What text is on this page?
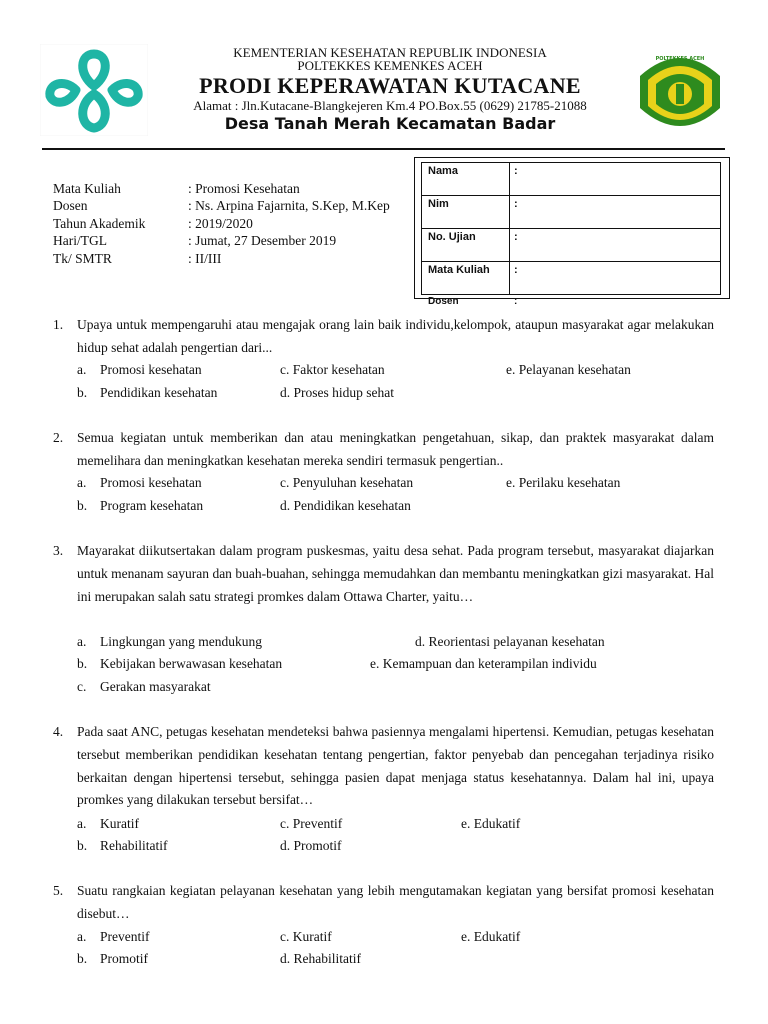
POLTEKKES ACEH
KEMENTERIAN KESEHATAN REPUBLIK INDONESIA
POLTEKKES KEMENKES ACEH
PRODI KEPERAWATAN KUTACANE
Alamat : Jln.Kutacane-Blangkejeren Km.4 PO.Box.55 (0629) 21785-21088
Desa Tanah Merah Kecamatan Badar
Mata Kuliah	: Promosi Kesehatan
Dosen	: Ns. Arpina Fajarnita, S.Kep, M.Kep
Tahun Akademik	: 2019/2020
Hari/TGL	: Jumat, 27 Desember 2019
Tk/ SMTR	: II/III
Nama	:
Nim	:
No. Ujian	:
Mata Kuliah	:
Dosen	:
1. Upaya untuk mempengaruhi atau mengajak orang lain baik individu,kelompok, ataupun masyarakat agar melakukan hidup sehat adalah pengertian dari...
a. Promosi kesehatan	c. Faktor kesehatan	e. Pelayanan kesehatan
b. Pendidikan kesehatan	d. Proses hidup sehat
2. Semua kegiatan untuk memberikan dan atau meningkatkan pengetahuan, sikap, dan praktek masyarakat dalam memelihara dan meningkatkan kesehatan mereka sendiri termasuk pengertian..
a. Promosi kesehatan	c. Penyuluhan kesehatan	e. Perilaku kesehatan
b. Program kesehatan	d. Pendidikan kesehatan
3. Mayarakat diikutsertakan dalam program puskesmas, yaitu desa sehat. Pada program tersebut, masyarakat diajarkan untuk menanam sayuran dan buah-buahan, sehingga memudahkan dan membantu meningkatkan gizi masyarakat. Hal ini merupakan salah satu strategi promkes dalam Ottawa Charter, yaitu…
a. Lingkungan yang mendukung	d. Reorientasi pelayanan kesehatan
b. Kebijakan berwawasan kesehatan	e. Kemampuan dan keterampilan individu
c. Gerakan masyarakat
4. Pada saat ANC, petugas kesehatan mendeteksi bahwa pasiennya mengalami hipertensi. Kemudian, petugas kesehatan tersebut memberikan pendidikan kesehatan tentang pengertian, faktor penyebab dan pencegahan terjadinya risiko berkaitan dengan hipertensi tersebut, sehingga pasien dapat menjaga status kesehatannya. Dalam hal ini, upaya promkes yang dilakukan tersebut bersifat…
a. Kuratif	c. Preventif	e. Edukatif
b. Rehabilitatif	d. Promotif
5. Suatu rangkaian kegiatan pelayanan kesehatan yang lebih mengutamakan kegiatan yang bersifat promosi kesehatan disebut…
a. Preventif	c. Kuratif	e. Edukatif
b. Promotif	d. Rehabilitatif
